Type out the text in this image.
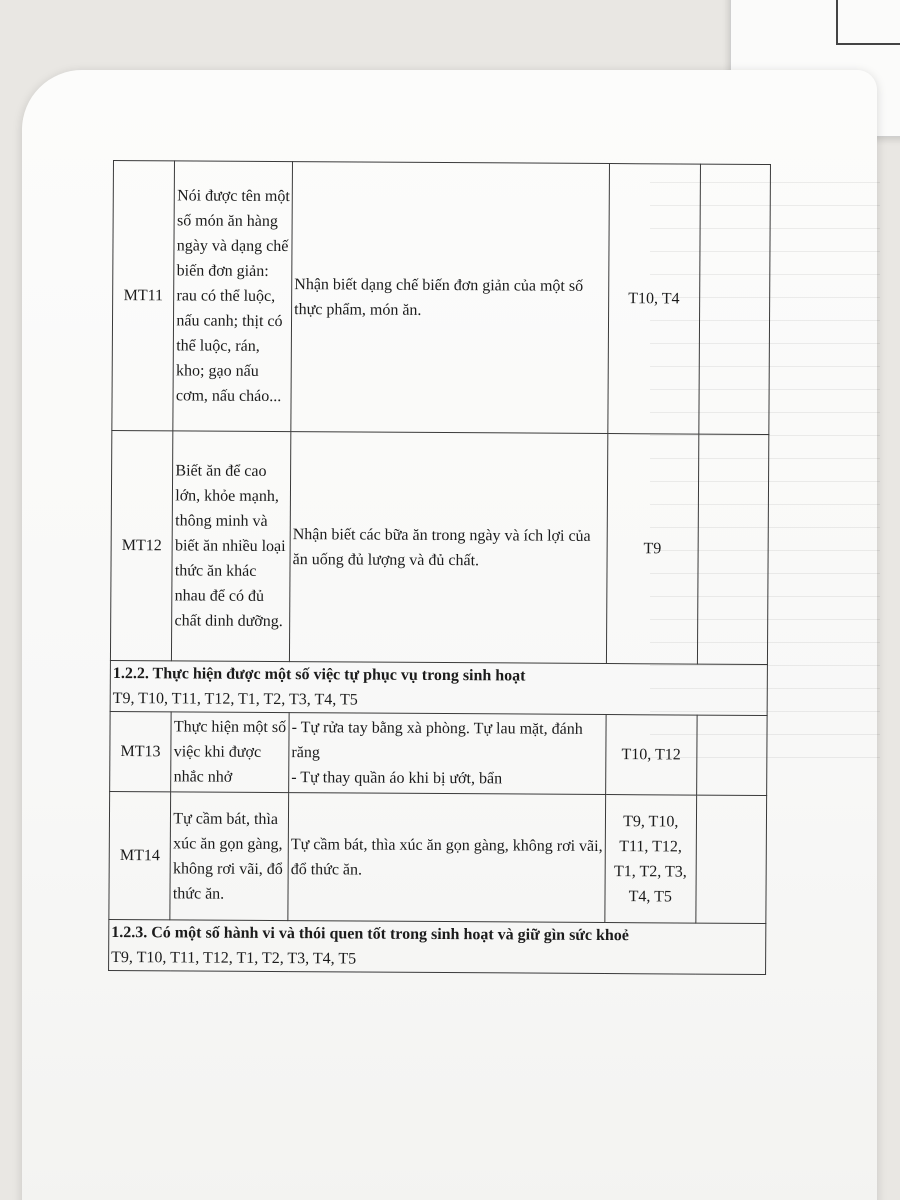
MT11	Nói được tên một số món ăn hàng ngày và dạng chế biến đơn giản: rau có thể luộc, nấu canh; thịt có thể luộc, rán, kho; gạo nấu cơm, nấu cháo...	Nhận biết dạng chế biến đơn giản của một số thực phẩm, món ăn.	T10, T4	
MT12	Biết ăn để cao lớn, khỏe mạnh, thông minh và biết ăn nhiều loại thức ăn khác nhau để có đủ chất dinh dưỡng.	Nhận biết các bữa ăn trong ngày và ích lợi của ăn uống đủ lượng và đủ chất.	T9	

1.2.2. Thực hiện được một số việc tự phục vụ trong sinh hoạt
T9, T10, T11, T12, T1, T2, T3, T4, T5				

MT13	Thực hiện một số việc khi được nhắc nhở	- Tự rửa tay bằng xà phòng. Tự lau mặt, đánh răng
- Tự thay quần áo khi bị ướt, bẩn	T10, T12	
MT14	Tự cầm bát, thìa xúc ăn gọn gàng, không rơi vãi, đổ thức ăn.	Tự cầm bát, thìa xúc ăn gọn gàng, không rơi vãi, đổ thức ăn.	T9, T10, T11, T12, T1, T2, T3, T4, T5	

1.2.3. Có một số hành vi và thói quen tốt trong sinh hoạt và giữ gìn sức khoẻ
T9, T10, T11, T12, T1, T2, T3, T4, T5				
